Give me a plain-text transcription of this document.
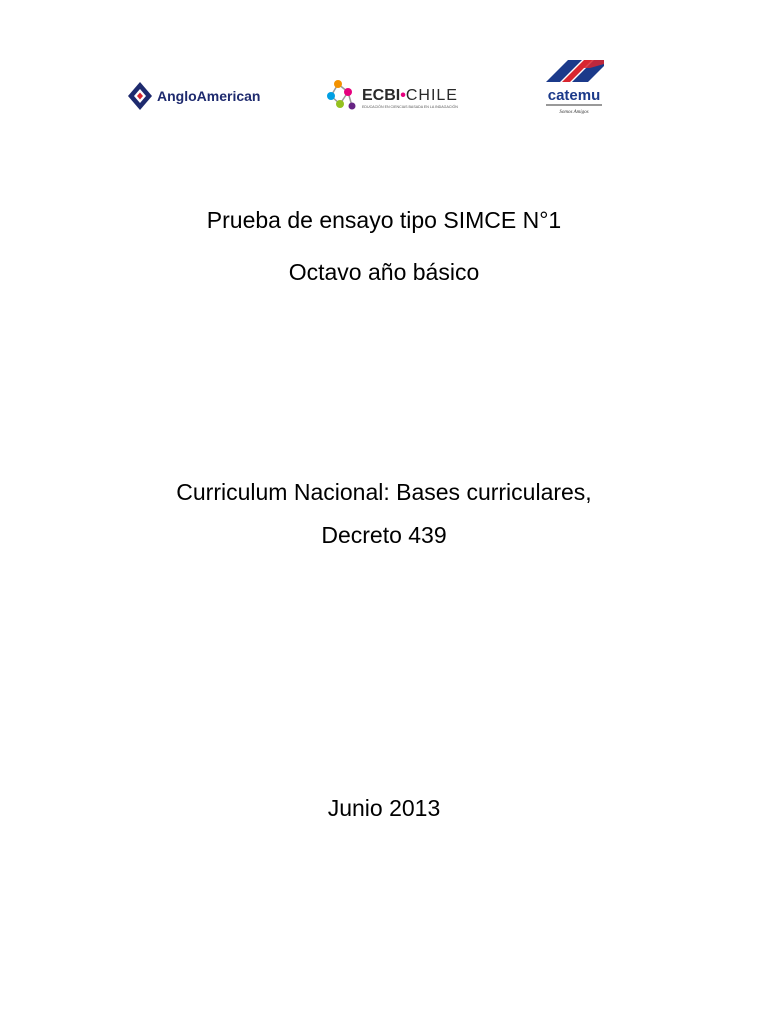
AngloAmerican	ECBI•CHILE
EDUCACIÓN EN CIENCIAS BASADA EN LA INDAGACIÓN
catemu
Somos Amigos
Prueba de ensayo tipo SIMCE N°1
Octavo año básico
Curriculum Nacional: Bases curriculares,
Decreto 439
Junio 2013
